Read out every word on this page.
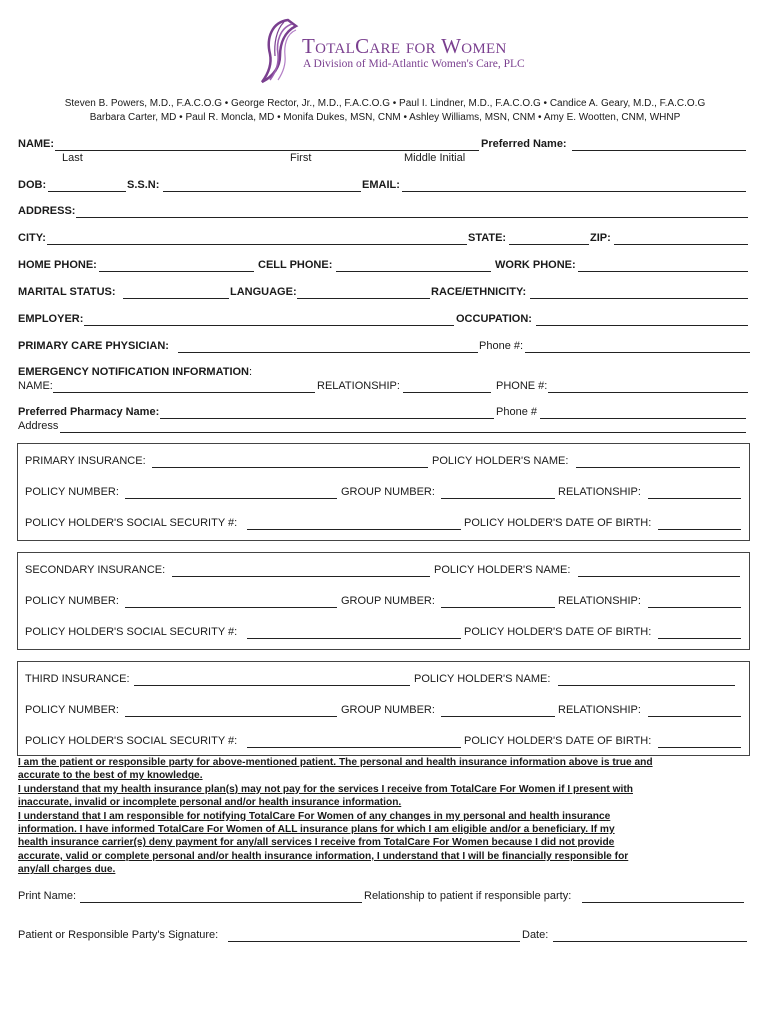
TotalCare for Women
A Division of Mid-Atlantic Women's Care, PLC
Steven B. Powers, M.D., F.A.C.O.G • George Rector, Jr., M.D., F.A.C.O.G • Paul I. Lindner, M.D., F.A.C.O.G • Candice A. Geary, M.D., F.A.C.O.G
Barbara Carter, MD • Paul R. Moncla, MD • Monifa Dukes, MSN, CNM • Ashley Williams, MSN, CNM • Amy E. Wootten, CNM, WHNP
NAME:	Preferred Name:
Last	First	Middle Initial
DOB:	S.S.N:	EMAIL:
ADDRESS:
CITY:	STATE:	ZIP:
HOME PHONE:	CELL PHONE:	WORK PHONE:
MARITAL STATUS:	LANGUAGE:	RACE/ETHNICITY:
EMPLOYER:	OCCUPATION:
PRIMARY CARE PHYSICIAN:	Phone #:
EMERGENCY NOTIFICATION INFORMATION:
NAME:	RELATIONSHIP:	PHONE #:
Preferred Pharmacy Name:	Phone #
Address
PRIMARY INSURANCE:	POLICY HOLDER'S NAME:
POLICY NUMBER:	GROUP NUMBER:	RELATIONSHIP:
POLICY HOLDER'S SOCIAL SECURITY #:	POLICY HOLDER'S DATE OF BIRTH:
SECONDARY INSURANCE:	POLICY HOLDER'S NAME:
POLICY NUMBER:	GROUP NUMBER:	RELATIONSHIP:
POLICY HOLDER'S SOCIAL SECURITY #:	POLICY HOLDER'S DATE OF BIRTH:
THIRD INSURANCE:	POLICY HOLDER'S NAME:
POLICY NUMBER:	GROUP NUMBER:	RELATIONSHIP:
POLICY HOLDER'S SOCIAL SECURITY #:	POLICY HOLDER'S DATE OF BIRTH:
I am the patient or responsible party for above-mentioned patient. The personal and health insurance information above is true and
accurate to the best of my knowledge.
I understand that my health insurance plan(s) may not pay for the services I receive from TotalCare For Women if I present with
inaccurate, invalid or incomplete personal and/or health insurance information.
I understand that I am responsible for notifying TotalCare For Women of any changes in my personal and health insurance
information. I have informed TotalCare For Women of ALL insurance plans for which I am eligible and/or a beneficiary. If my
health insurance carrier(s) deny payment for any/all services I receive from TotalCare For Women because I did not provide
accurate, valid or complete personal and/or health insurance information, I understand that I will be financially responsible for
any/all charges due.
Print Name:	Relationship to patient if responsible party:
Patient or Responsible Party's Signature:	Date:
